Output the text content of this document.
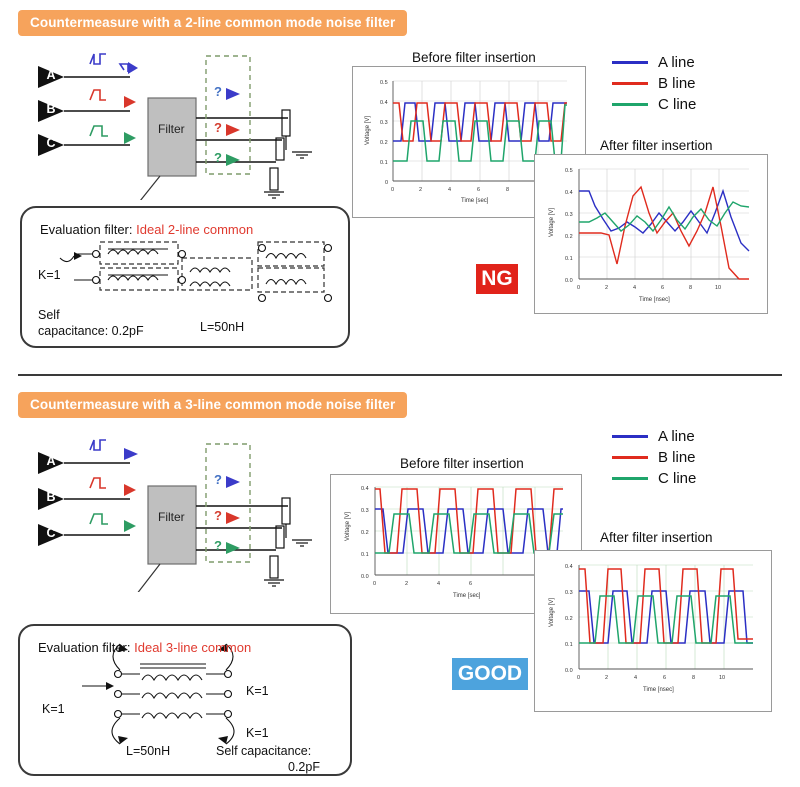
Countermeasure with a 2-line common mode noise filter
A
B
C
?
?
?
Filter
Evaluation filter: Ideal 2-line common
K=1
Self
capacitance: 0.2pF	L=50nH
A line
B line
C line
Before filter insertion
0.5
0.4
0.3
0.2
0.1
0
0	2	4	6	8
Time [sec]
Voltage [V]
After filter insertion
0.5
0.4
0.3
0.2
0.1
0.0
0	2	4	6	8	10
Time [nsec]
Voltage [V]
NG
Countermeasure with a 3-line common mode noise filter
A
B
C
?
?
?
Filter
Evaluation filter: Ideal 3-line common
K=1
K=1
K=1
L=50nH	Self capacitance:
0.2pF
A line
B line
C line
Before filter insertion
0.4
0.3
0.2
0.1
0.0
0	2	4	6
Time [sec]
Voltage [V]	After filter insertion
0.4
0.3
0.2
0.1
0.0
0	2	4	6	8	10
Time [nsec]
Voltage [V]
GOOD
